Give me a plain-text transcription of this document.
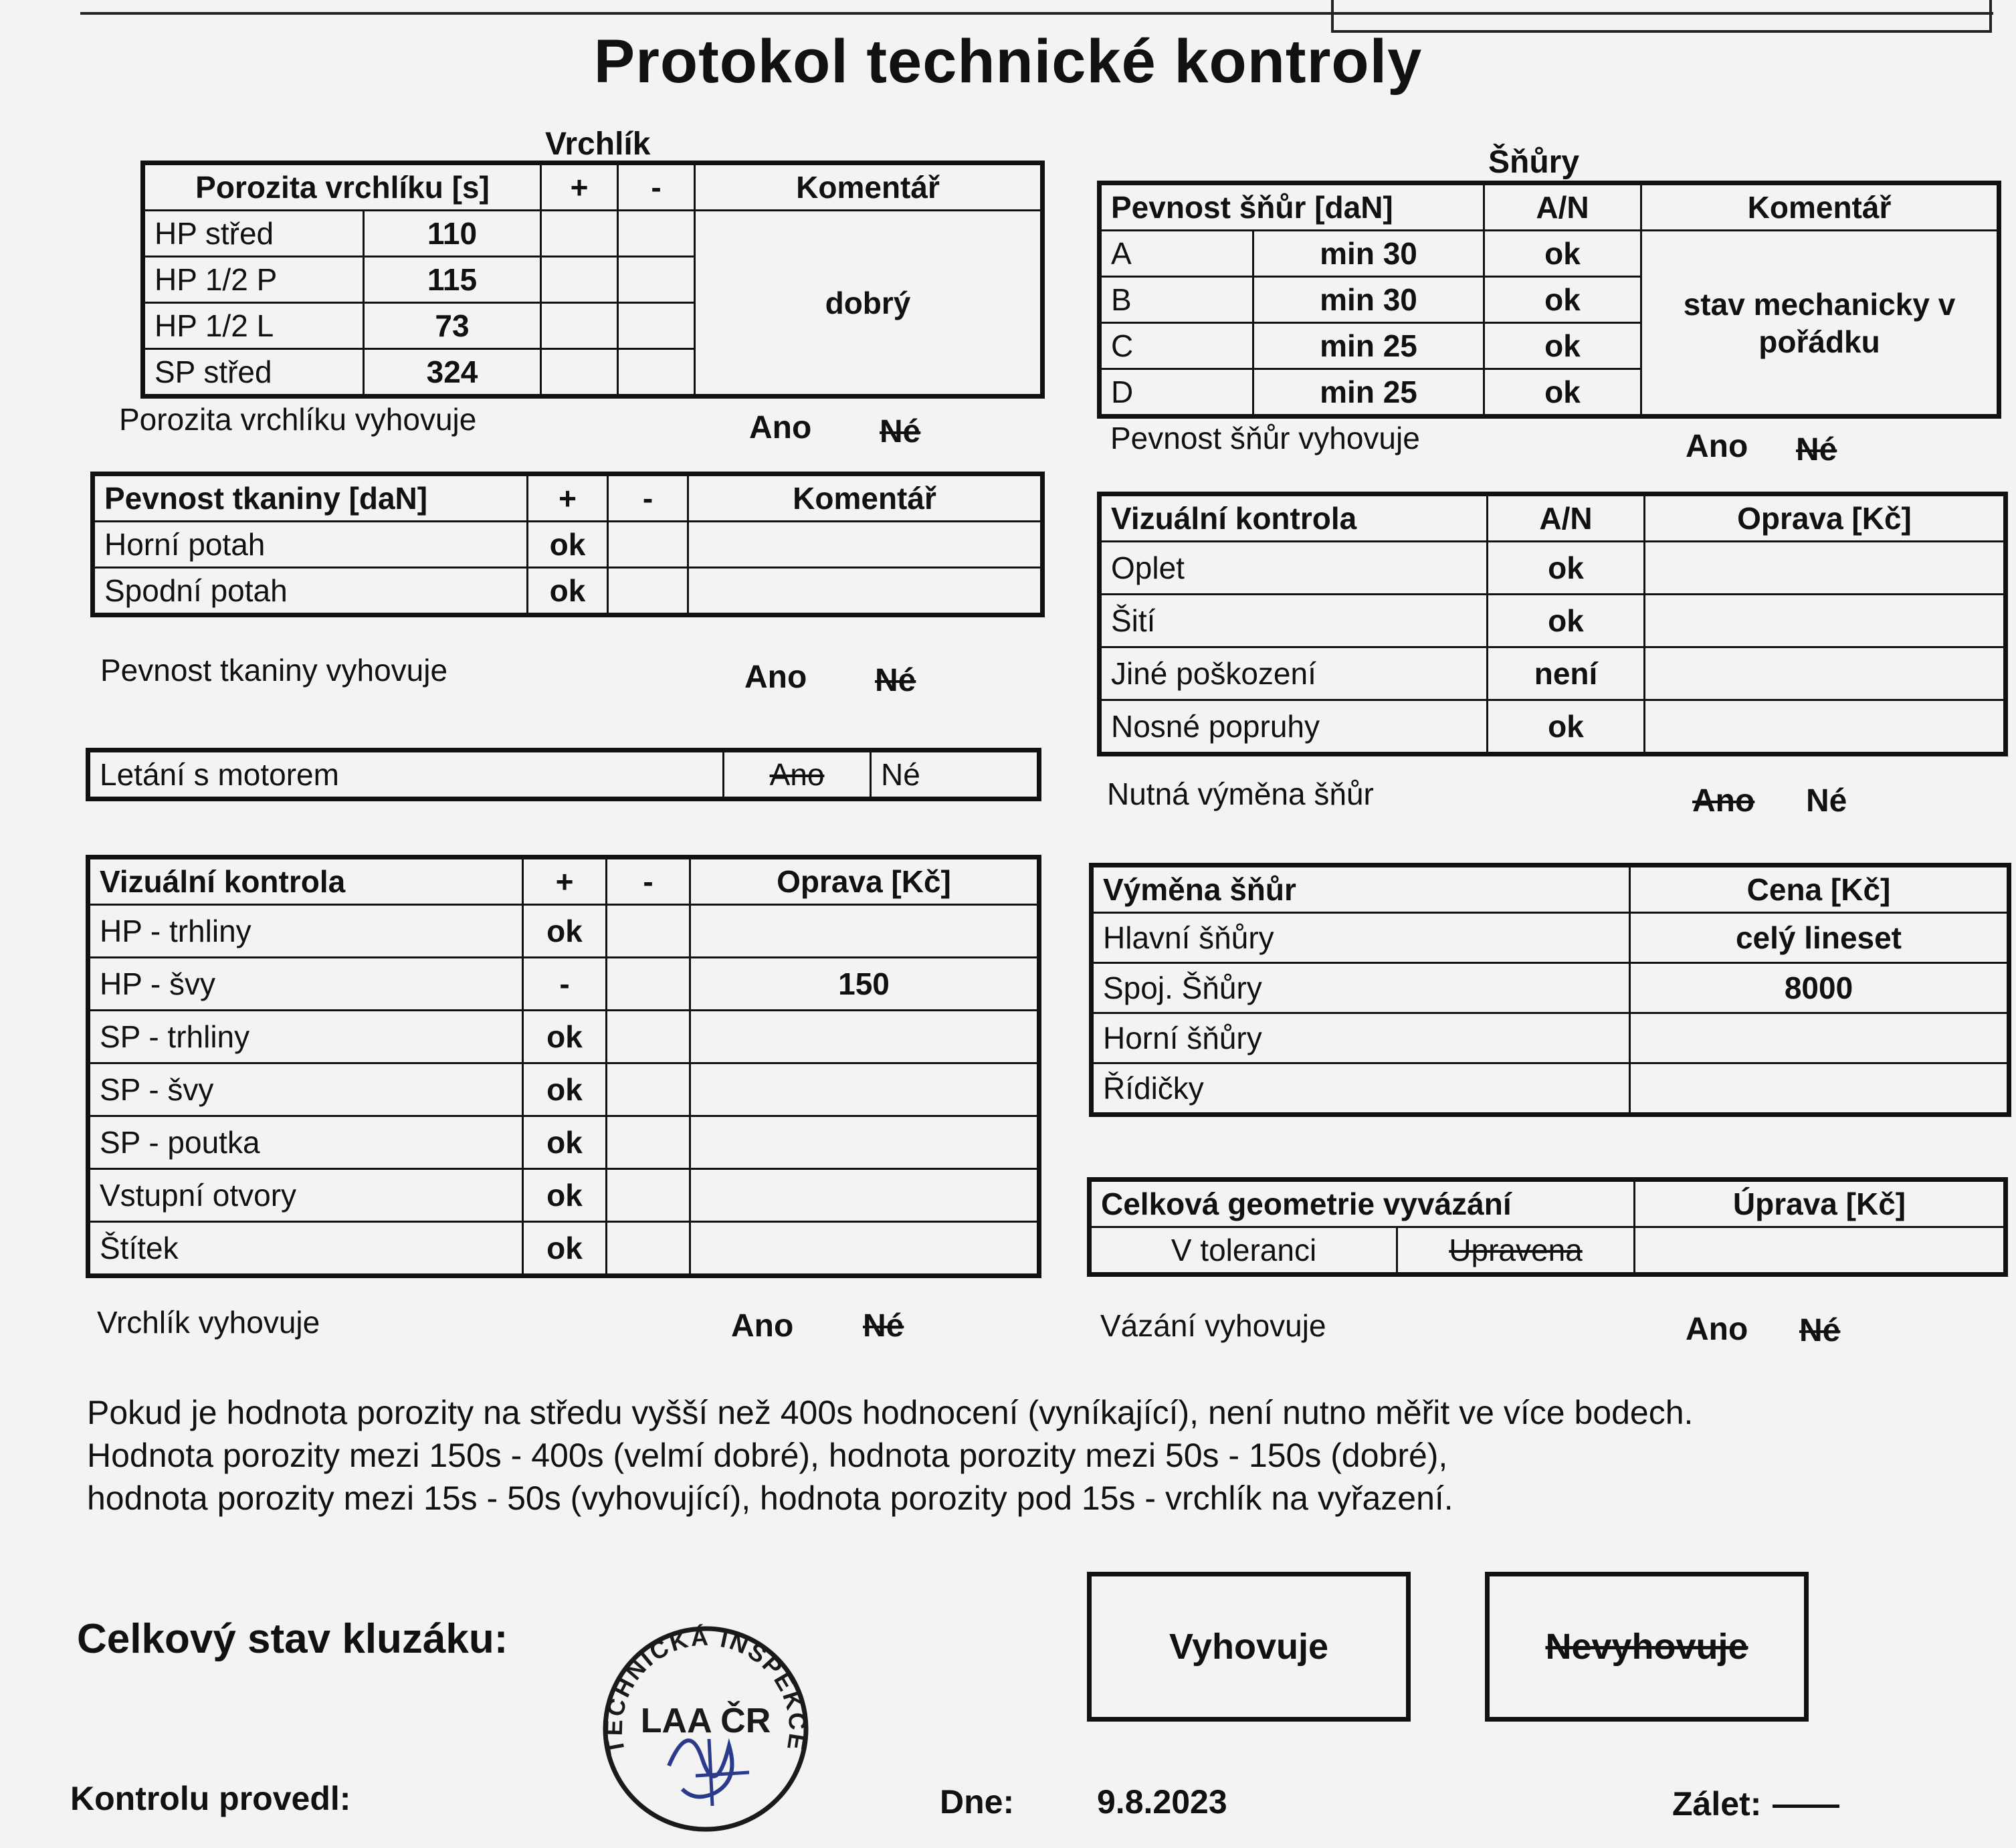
Protokol technické kontroly
Vrchlík
Porozita vrchlíku [s]		+	-	Komentář
HP střed	110			dobrý
HP 1/2 P	115			
HP 1/2 L	73			
SP střed	324			
Porozita vrchlíku vyhovuje	Ano Né
Pevnost tkaniny [daN]	+	-	Komentář
Horní potah	ok		
Spodní potah	ok		
Pevnost tkaniny vyhovuje	Ano Né
Letání s motorem	Ano	Né
Vizuální kontrola	+	-	Oprava [Kč]
HP - trhliny	ok		
HP - švy	-		150
SP - trhliny	ok		
SP - švy	ok		
SP - poutka	ok		
Vstupní otvory	ok		
Štítek	ok		
Vrchlík vyhovuje	Ano Né
Šňůry
Pevnost šňůr [daN]		A/N	Komentář
A	min 30	ok	stav mechanicky v pořádku
B	min 30	ok	
C	min 25	ok	
D	min 25	ok	
Pevnost šňůr vyhovuje	Ano Né
Vizuální kontrola	A/N	Oprava [Kč]
Oplet	ok	
Šití	ok	
Jiné poškození	není	
Nosné popruhy	ok	
Nutná výměna šňůr	Ano Né
Výměna šňůr	Cena [Kč]
Hlavní šňůry	celý lineset
Spoj. Šňůry	8000
Horní šňůry	
Řídičky	
Celková geometrie vyvázání		Úprava [Kč]
V toleranci	Upravena	
Vázání vyhovuje	Ano Né
Pokud je hodnota porozity na středu vyšší než 400s hodnocení (vyníkající), není nutno měřit ve více bodech.
Hodnota porozity mezi 150s - 400s (velmí dobré), hodnota porozity mezi 50s - 150s (dobré),
hodnota porozity mezi 15s - 50s (vyhovující), hodnota porozity pod 15s - vrchlík na vyřazení.
Celkový stav kluzáku:	Vyhovuje	Nevyhovuje
TECHNICKÁ INSPEKCE
LAA ČR
Kontrolu provedl:	Dne: 9.8.2023	Zálet: ——
